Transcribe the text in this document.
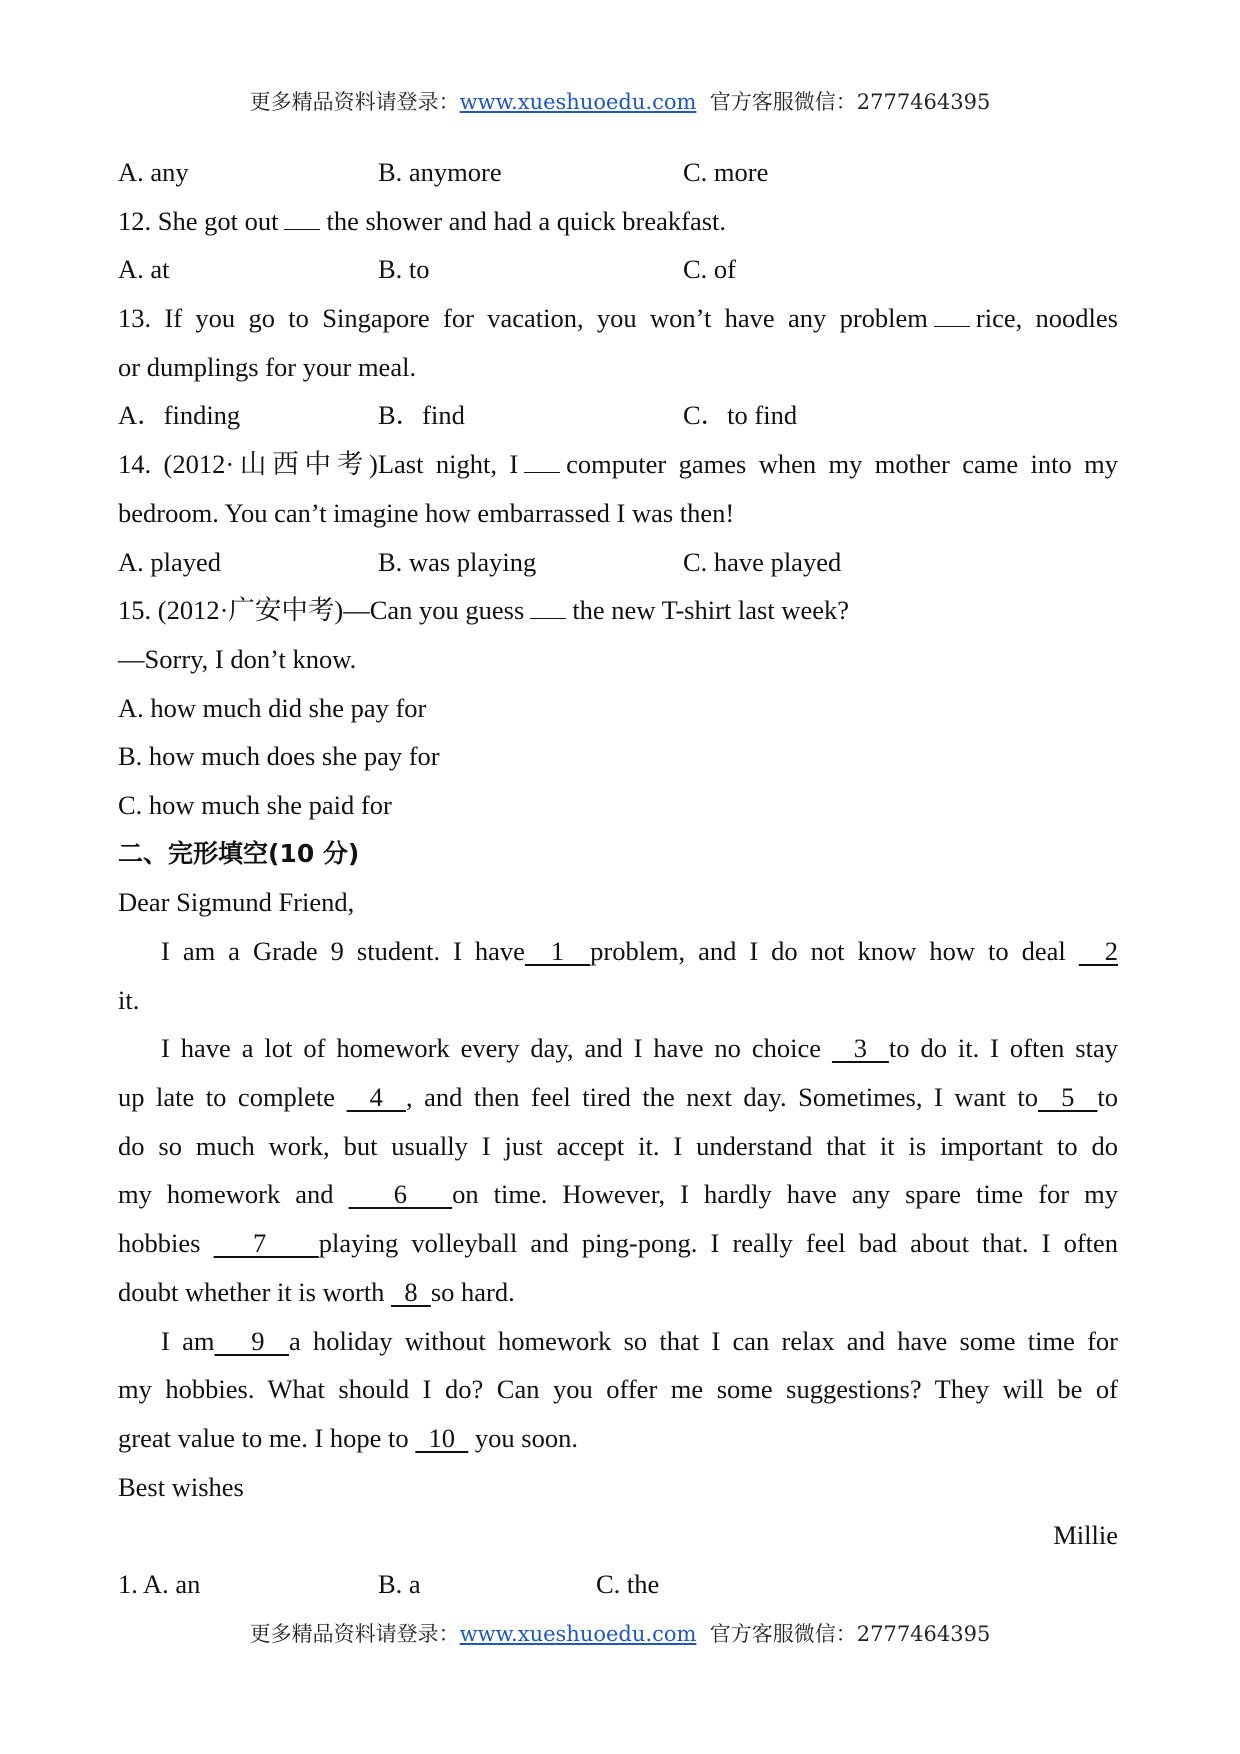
更多精品资料请登录：www.xueshuoedu.com  官方客服微信：2777464395
A. any	B. anymore	C. more
12. She got out the shower and had a quick breakfast.
A. at	B. to	C. of
13. If you go to Singapore for vacation, you won’t have any problem rice, noodles
or dumplings for your meal.
A．finding	B．find	C．to find
14. (2012·山西中考)Last night, I computer games when my mother came into my
bedroom. You can’t imagine how embarrassed I was then!
A. played	B. was playing	C. have played
15. (2012·广安中考)—Can you guess the new T-shirt last week?
—Sorry, I don’t know.
A. how much did she pay for
B. how much does she pay for
C. how much she paid for
二、完形填空(10 分)
Dear Sigmund Friend,
I am a Grade 9 student. I have  1  problem, and I do not know how to deal   2
it.
I have a lot of homework every day, and I have no choice   3  to do it. I often stay
up late to complete   4  , and then feel tired the next day. Sometimes, I want to  5  to
do so much work, but usually I just accept it. I understand that it is important to do
my homework and    6   on time. However, I hardly have any spare time for my
hobbies    7    playing volleyball and ping-pong. I really feel bad about that. I often
doubt whether it is worth   8  so hard.
I am   9  a holiday without homework so that I can relax and have some time for
my hobbies. What should I do? Can you offer me some suggestions? They will be of
great value to me. I hope to   10   you soon.
Best wishes
Millie
1. A. an	B. a	C. the
更多精品资料请登录：www.xueshuoedu.com  官方客服微信：2777464395
